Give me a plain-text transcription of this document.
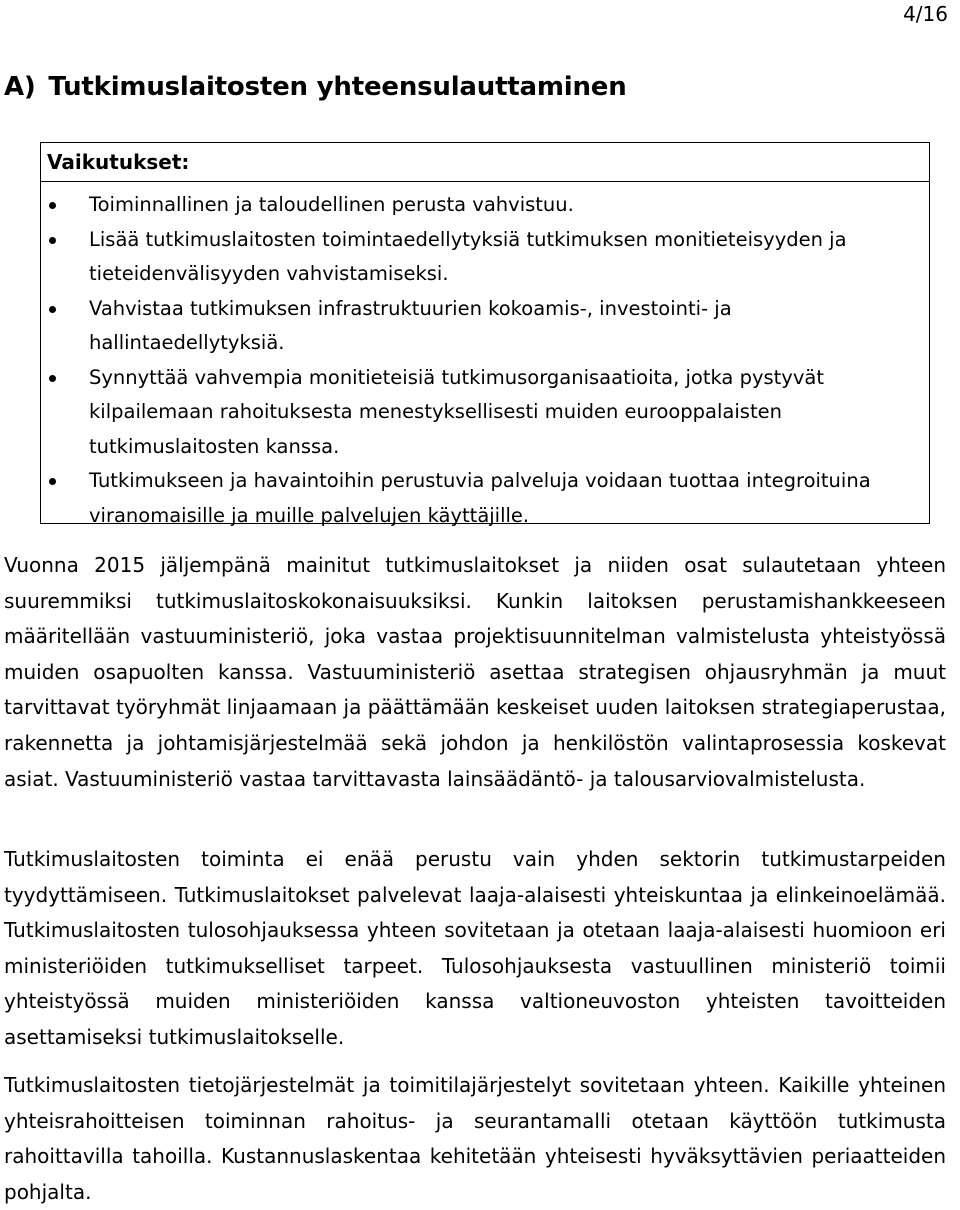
4/16
A) Tutkimuslaitosten yhteensulauttaminen
Vaikutukset:
Toiminnallinen ja taloudellinen perusta vahvistuu.
Lisää tutkimuslaitosten toimintaedellytyksiä tutkimuksen monitieteisyyden ja tieteidenvälisyyden vahvistamiseksi.
Vahvistaa tutkimuksen infrastruktuurien kokoamis-, investointi- ja hallintaedellytyksiä.
Synnyttää vahvempia monitieteisiä tutkimusorganisaatioita, jotka pystyvät kilpailemaan rahoituksesta menestyksellisesti muiden eurooppalaisten tutkimuslaitosten kanssa.
Tutkimukseen ja havaintoihin perustuvia palveluja voidaan tuottaa integroituina viranomaisille ja muille palvelujen käyttäjille.

Vuonna 2015 jäljempänä mainitut tutkimuslaitokset ja niiden osat sulautetaan yhteen suuremmiksi tutkimuslaitoskokonaisuuksiksi. Kunkin laitoksen perustamishankkeeseen määritellään vastuuministeriö, joka vastaa projektisuunnitelman valmistelusta yhteistyössä muiden osapuolten kanssa. Vastuuministeriö asettaa strategisen ohjausryhmän ja muut tarvittavat työryhmät linjaamaan ja päättämään keskeiset uuden laitoksen strategiaperustaa, rakennetta ja johtamisjärjestelmää sekä johdon ja henkilöstön valintaprosessia koskevat asiat. Vastuuministeriö vastaa tarvittavasta lainsäädäntö- ja talousarviovalmistelusta.

Tutkimuslaitosten toiminta ei enää perustu vain yhden sektorin tutkimustarpeiden tyydyttämiseen. Tutkimuslaitokset palvelevat laaja-alaisesti yhteiskuntaa ja elinkeinoelämää. Tutkimuslaitosten tulosohjauksessa yhteen sovitetaan ja otetaan laaja-alaisesti huomioon eri ministeriöiden tutkimukselliset tarpeet. Tulosohjauksesta vastuullinen ministeriö toimii yhteistyössä muiden ministeriöiden kanssa valtioneuvoston yhteisten tavoitteiden asettamiseksi tutkimuslaitokselle.

Tutkimuslaitosten tietojärjestelmät ja toimitilajärjestelyt sovitetaan yhteen. Kaikille yhteinen yhteisrahoitteisen toiminnan rahoitus- ja seurantamalli otetaan käyttöön tutkimusta rahoittavilla tahoilla. Kustannuslaskentaa kehitetään yhteisesti hyväksyttävien periaatteiden pohjalta.
